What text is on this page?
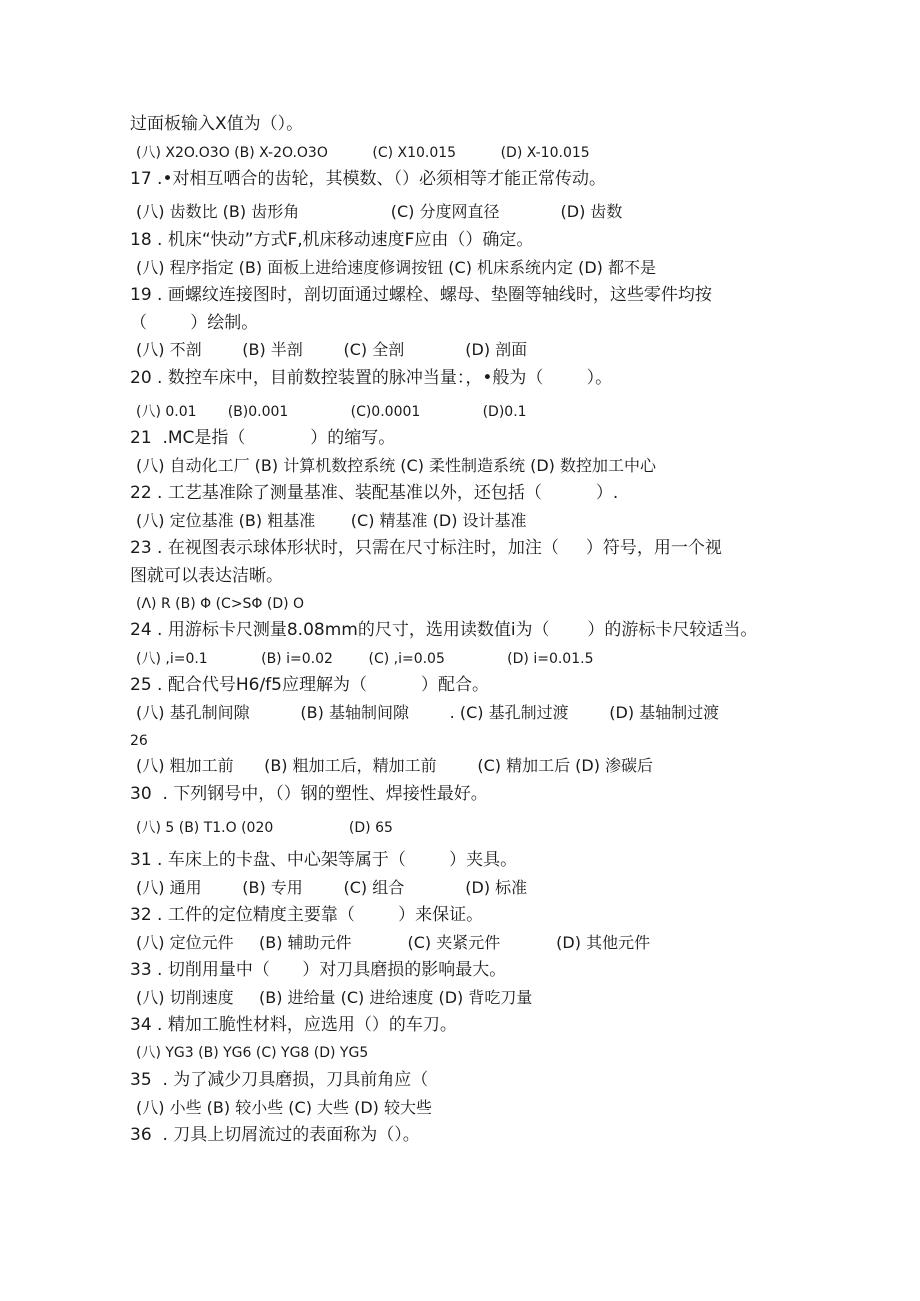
过面板输入X值为（）。
(八) X2O.O3O (B) X-2O.O3O          (C) X10.015          (D) X-10.015
17 .•对相互哂合的齿轮，其模数、（）必须相等才能正常传动。
(八) 齿数比 (B) 齿形角                  (C) 分度网直径            (D) 齿数
18 . 机床“快动”方式F,机床移动速度F应由（）确定。
(八) 程序指定 (B) 面板上进给速度修调按钮 (C) 机床系统内定 (D) 都不是
19 . 画螺纹连接图时，剖切面通过螺栓、螺母、垫圈等轴线时，这些零件均按
（        ）绘制。
(八) 不剖        (B) 半剖        (C) 全剖            (D) 剖面
20 . 数控车床中，目前数控装置的脉冲当量：，•般为（        ）。
(八) 0.01       (B)0.001              (C)0.0001              (D)0.1
21  .MC是指（            ）的缩写。
(八) 自动化工厂 (B) 计算机数控系统 (C) 柔性制造系统 (D) 数控加工中心
22 . 工艺基准除了测量基准、装配基准以外，还包括（          ）.
(八) 定位基准 (B) 粗基准       (C) 精基准 (D) 设计基准
23 . 在视图表示球体形状时，只需在尺寸标注时，加注（     ）符号，用一个视
图就可以表达洁晰。
(Λ) R (B) Φ (C>SΦ (D) O
24 . 用游标卡尺测量8.08mm的尺寸，选用读数值i为（       ）的游标卡尺较适当。
(八) ,i=0.1            (B) i=0.02        (C) ,i=0.05              (D) i=0.01.5
25 . 配合代号H6∕f5应理解为（          ）配合。
(八) 基孔制间隙          (B) 基轴制间隙        . (C) 基孔制过渡        (D) 基轴制过渡
26
(八) 粗加工前      (B) 粗加工后，精加工前        (C) 精加工后 (D) 渗碳后
30  . 下列钢号中，（）钢的塑性、焊接性最好。
(八) 5 (B) T1.O (020                 (D) 65
31 . 车床上的卡盘、中心架等属于（        ）夹具。
(八) 通用        (B) 专用        (C) 组合            (D) 标准
32 . 工件的定位精度主要靠（        ）来保证。
(八) 定位元件     (B) 辅助元件           (C) 夹紧元件           (D) 其他元件
33 . 切削用量中（      ）对刀具磨损的影响最大。
(八) 切削速度     (B) 进给量 (C) 进给速度 (D) 背吃刀量
34 . 精加工脆性材料，应选用（）的车刀。
(八) YG3 (B) YG6 (C) YG8 (D) YG5
35  . 为了减少刀具磨损，刀具前角应（
(八) 小些 (B) 较小些 (C) 大些 (D) 较大些
36  . 刀具上切屑流过的表面称为（）。
